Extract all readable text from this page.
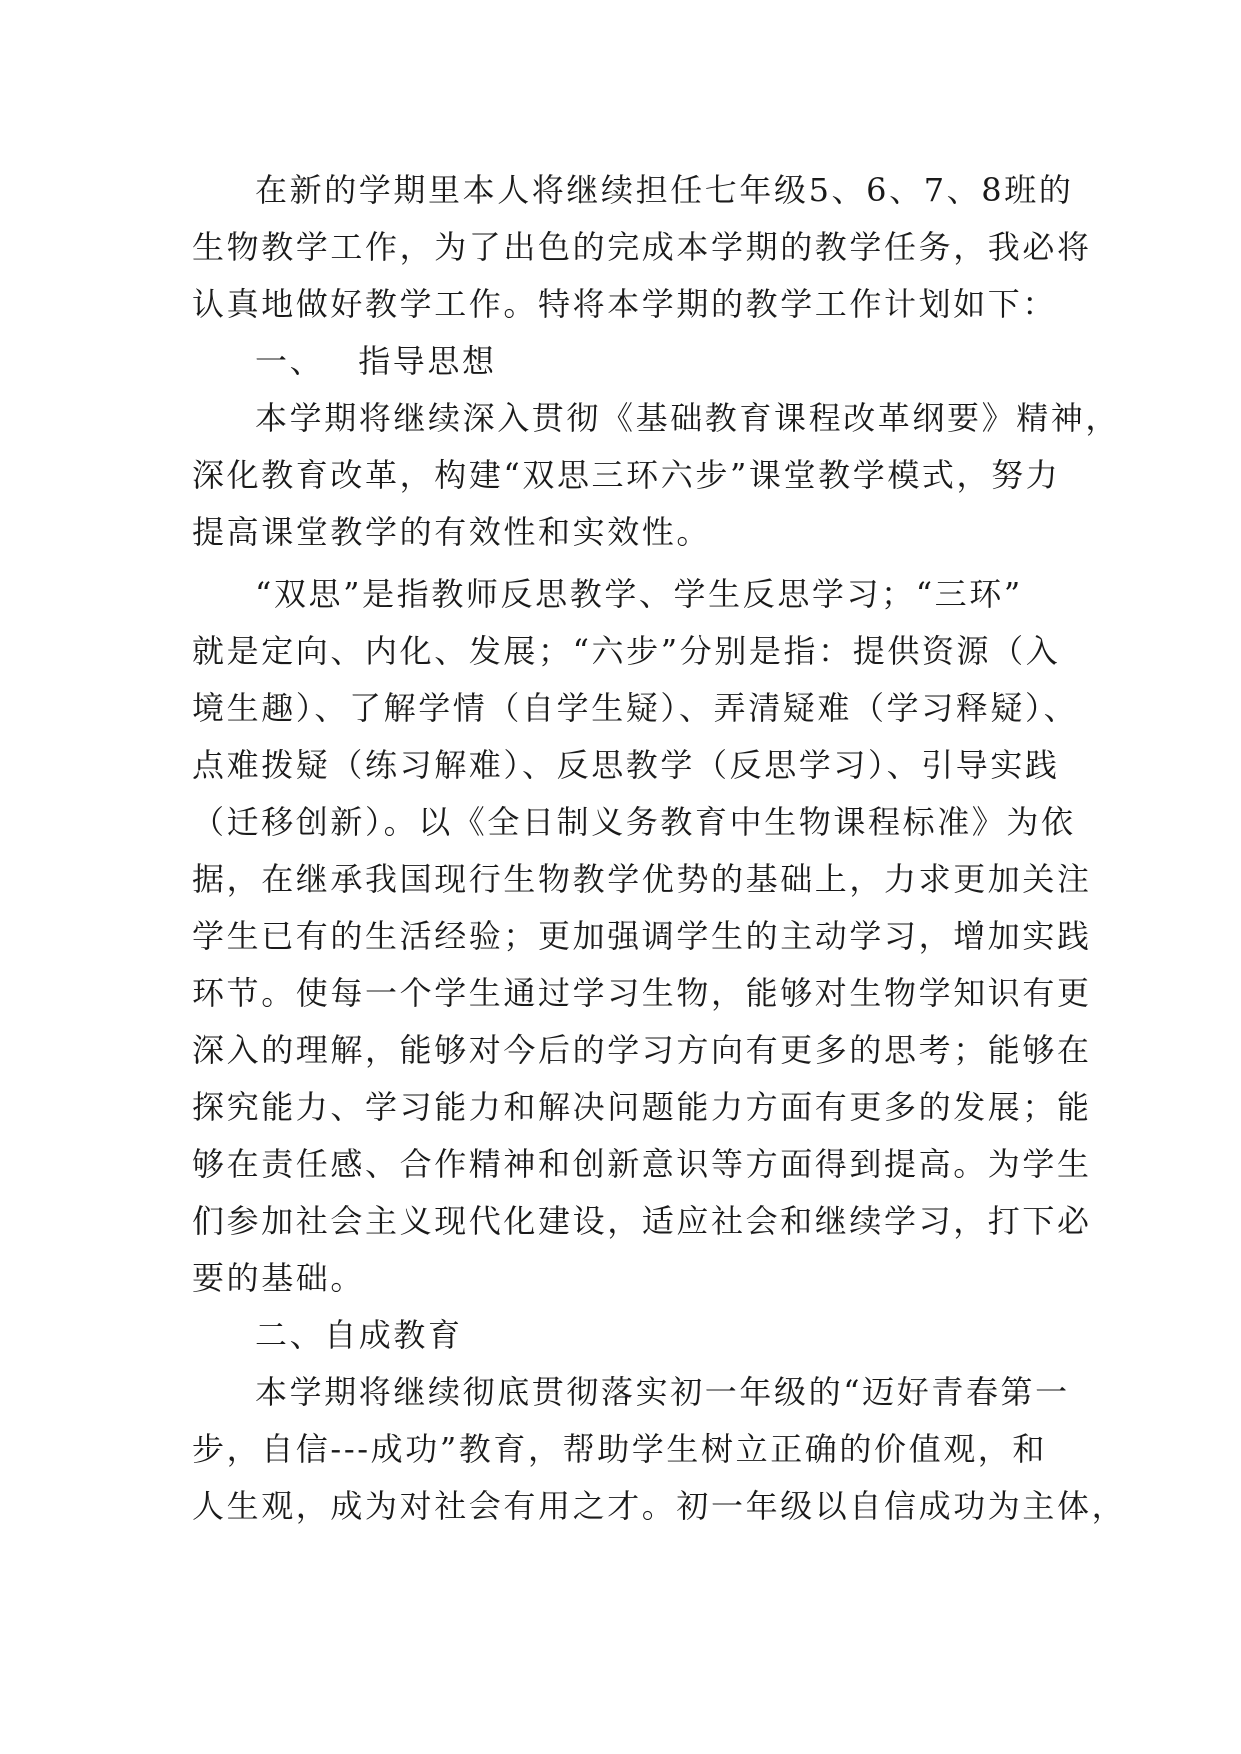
在新的学期里本人将继续担任七年级5、6、7、8班的
生物教学工作，为了出色的完成本学期的教学任务，我必将
认真地做好教学工作。特将本学期的教学工作计划如下：
一、 指导思想
本学期将继续深入贯彻《基础教育课程改革纲要》精神，
深化教育改革，构建“双思三环六步”课堂教学模式，努力
提高课堂教学的有效性和实效性。
“双思”是指教师反思教学、学生反思学习；“三环”
就是定向、内化、发展；“六步”分别是指：提供资源（入
境生趣）、了解学情（自学生疑）、弄清疑难（学习释疑）、
点难拨疑（练习解难）、反思教学（反思学习）、引导实践
（迁移创新）。以《全日制义务教育中生物课程标准》为依
据，在继承我国现行生物教学优势的基础上，力求更加关注
学生已有的生活经验；更加强调学生的主动学习，增加实践
环节。使每一个学生通过学习生物，能够对生物学知识有更
深入的理解，能够对今后的学习方向有更多的思考；能够在
探究能力、学习能力和解决问题能力方面有更多的发展；能
够在责任感、合作精神和创新意识等方面得到提高。为学生
们参加社会主义现代化建设，适应社会和继续学习，打下必
要的基础。
二、自成教育
本学期将继续彻底贯彻落实初一年级的“迈好青春第一
步，自信---成功”教育，帮助学生树立正确的价值观，和
人生观，成为对社会有用之才。初一年级以自信成功为主体，
